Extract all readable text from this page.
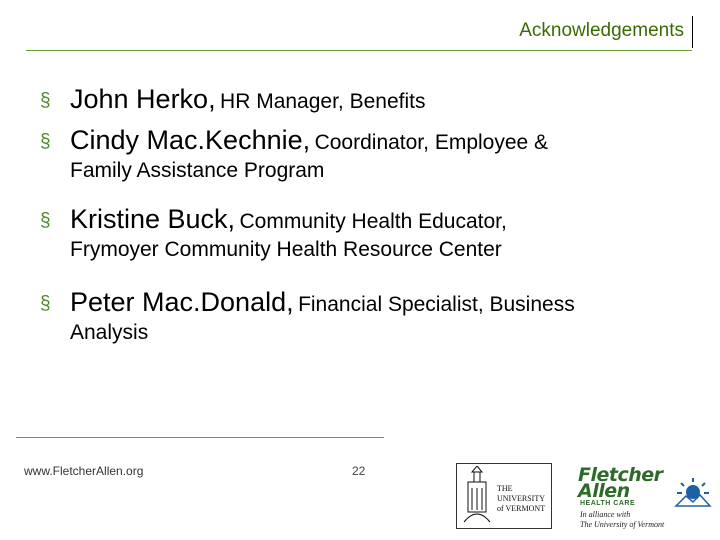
Acknowledgements
§ John Herko, HR Manager, Benefits
§ Cindy Mac.Kechnie, Coordinator, Employee &
Family Assistance Program
§ Kristine Buck, Community Health Educator,
Frymoyer Community Health Resource Center
§ Peter Mac.Donald, Financial Specialist, Business
Analysis
www.FletcherAllen.org	22
THE
UNIVERSITY
of VERMONT
Fletcher
Allen
HEALTH CARE
In alliance with
The University of Vermont
